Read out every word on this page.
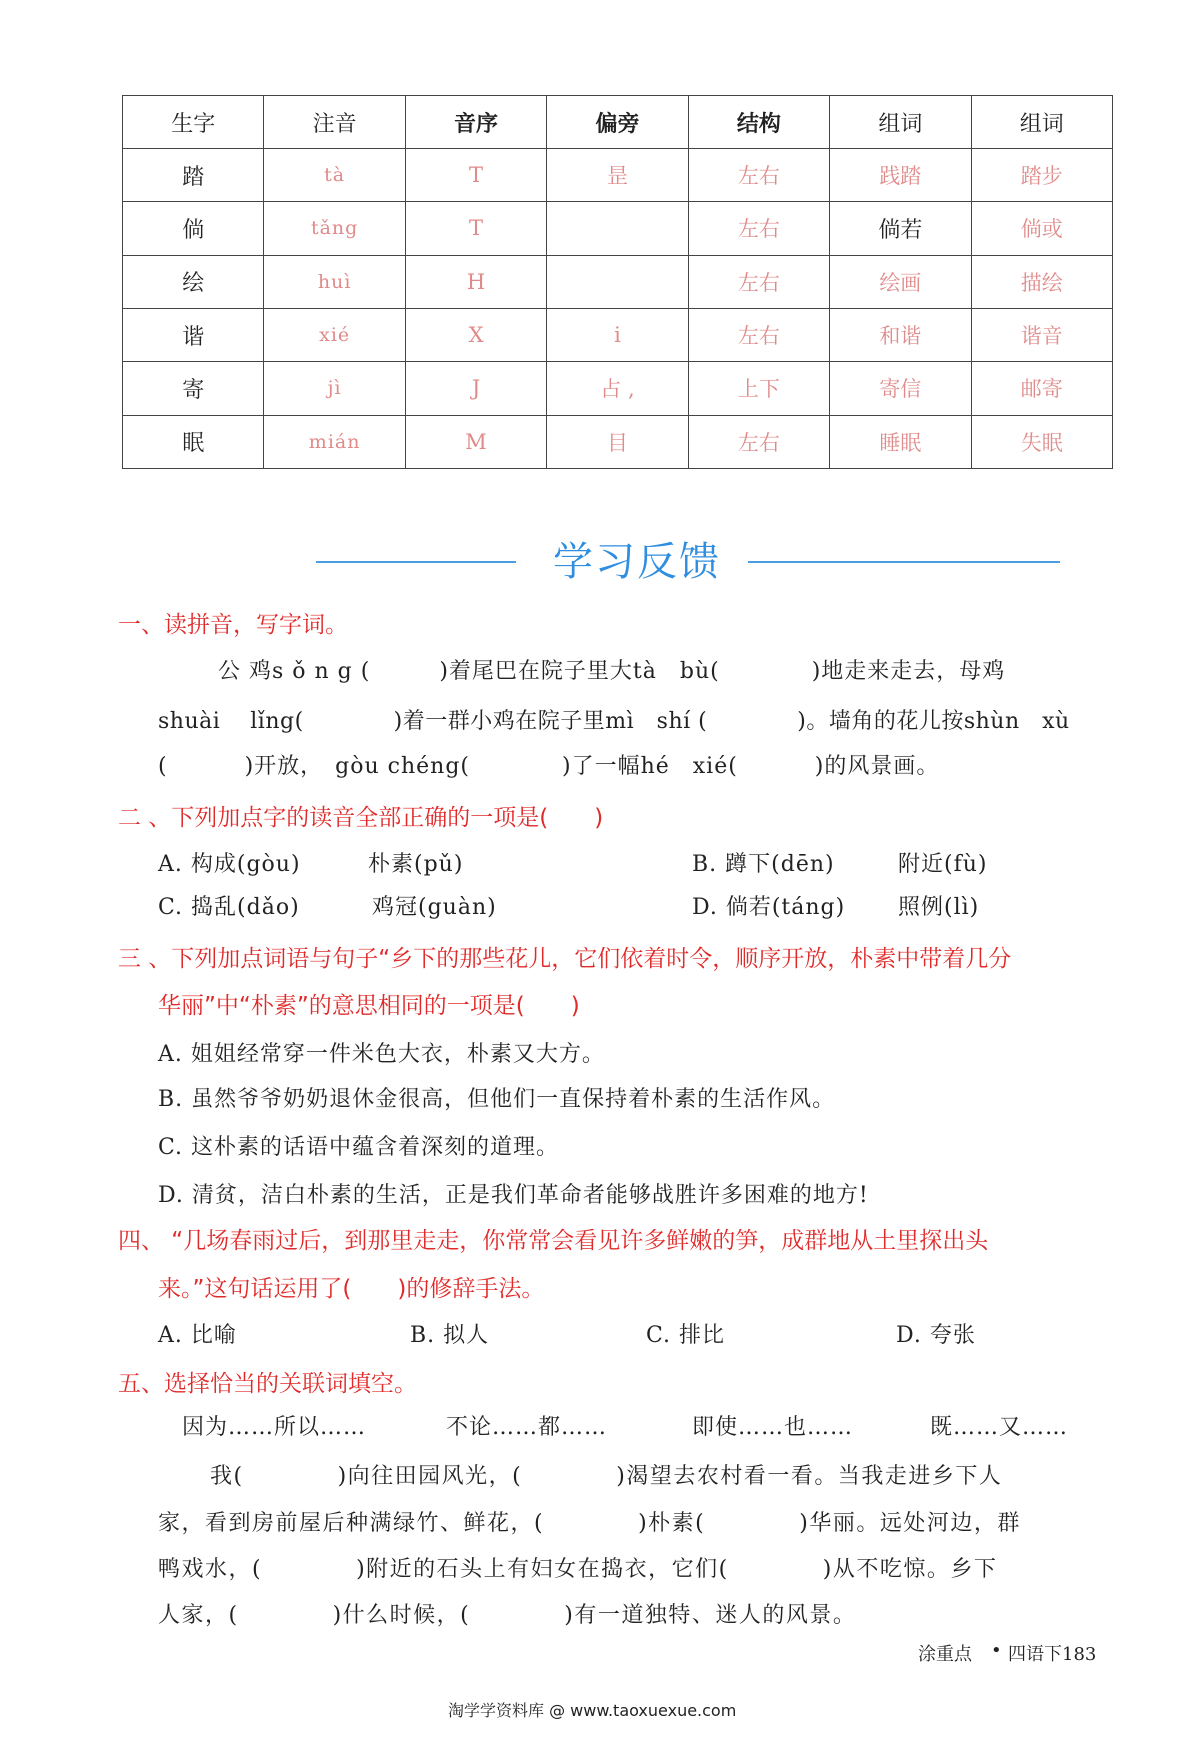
生字	注音	音序	偏旁	结构	组词	组词
踏	tà	T	昰	左右	践踏	踏步
倘	tǎng	T		左右	倘若	倘或
绘	huì	H		左右	绘画	描绘
谐	xié	X	i	左右	和谐	谐音
寄	jì	J	占 ,	上下	寄信	邮寄
眠	mián	M	目	左右	睡眠	失眠
学习反馈
一、读拼音，写字词。
公 鸡s ǒ n g (　　　)着尾巴在院子里大tà　bù(　　　　)地走来走去，母鸡
shuài　 lǐng(　　　　)着一群小鸡在院子里mì　shí (　　　　)。墙角的花儿按shùn　xù
(　　　 )开放，　gòu chéng(　　　　)了一幅hé　xié(　　　 )的风景画。
二 、下列加点字的读音全部正确的一项是(　　)
A. 构成(gòu)	朴素(pǔ)	B. 蹲下(dēn)	附近(fù)
C. 捣乱(dǎo)	鸡冠(guàn)	D. 倘若(táng) 照例(lì)
三 、下列加点词语与句子“乡下的那些花儿，它们依着时令，顺序开放，朴素中带着几分
华丽”中“朴素”的意思相同的一项是(　　)
A. 姐姐经常穿一件米色大衣，朴素又大方。
B. 虽然爷爷奶奶退休金很高，但他们一直保持着朴素的生活作风。
C. 这朴素的话语中蕴含着深刻的道理。
D. 清贫，洁白朴素的生活，正是我们革命者能够战胜许多困难的地方!
四、 “几场春雨过后，到那里走走，你常常会看见许多鲜嫩的笋，成群地从土里探出头
来。”这句话运用了(　　)的修辞手法。
A. 比喻	B. 拟人	C. 排比	D. 夸张
五、选择恰当的关联词填空。
因为……所以……	不论……都……	即使……也……	既……又……
我(　　　　)向往田园风光，(　　　　)渴望去农村看一看。当我走进乡下人
家，看到房前屋后种满绿竹、鲜花，(　　　　)朴素(　　　　)华丽。远处河边，群
鸭戏水，(　　　　)附近的石头上有妇女在捣衣，它们(　　　　)从不吃惊。乡下
人家，(　　　　)什么时候，(　　　　)有一道独特、迷人的风景。
涂重点 • 四语下183
淘学学资料库 @ www.taoxuexue.com
